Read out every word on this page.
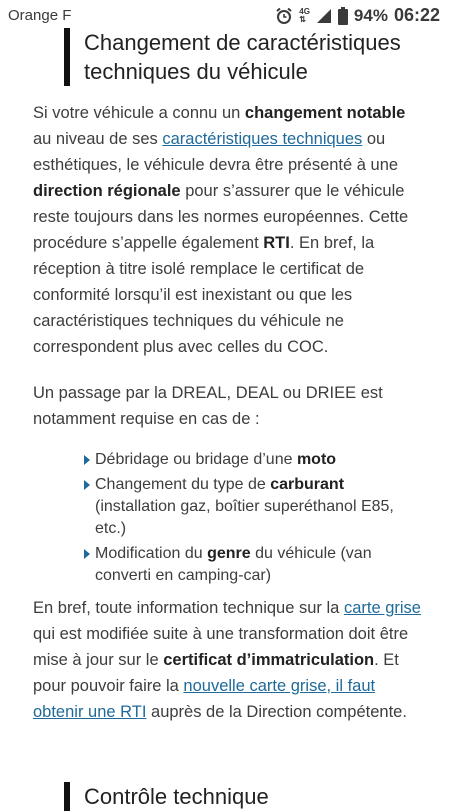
Orange F	4G
⇅	94% 06:22
Changement de caractéristiques techniques du véhicule
Si votre véhicule a connu un changement notable au niveau de ses caractéristiques techniques ou esthétiques, le véhicule devra être présenté à une direction régionale pour s’assurer que le véhicule reste toujours dans les normes européennes. Cette procédure s’appelle également RTI. En bref, la réception à titre isolé remplace le certificat de conformité lorsqu’il est inexistant ou que les caractéristiques techniques du véhicule ne correspondent plus avec celles du COC.
Un passage par la DREAL, DEAL ou DRIEE est notamment requise en cas de :
Débridage ou bridage d’une moto
Changement du type de carburant (installation gaz, boîtier superéthanol E85, etc.)
Modification du genre du véhicule (van converti en camping-car)
En bref, toute information technique sur la carte grise qui est modifiée suite à une transformation doit être mise à jour sur le certificat d’immatriculation. Et pour pouvoir faire la nouvelle carte grise, il faut obtenir une RTI auprès de la Direction compétente.
Contrôle technique
